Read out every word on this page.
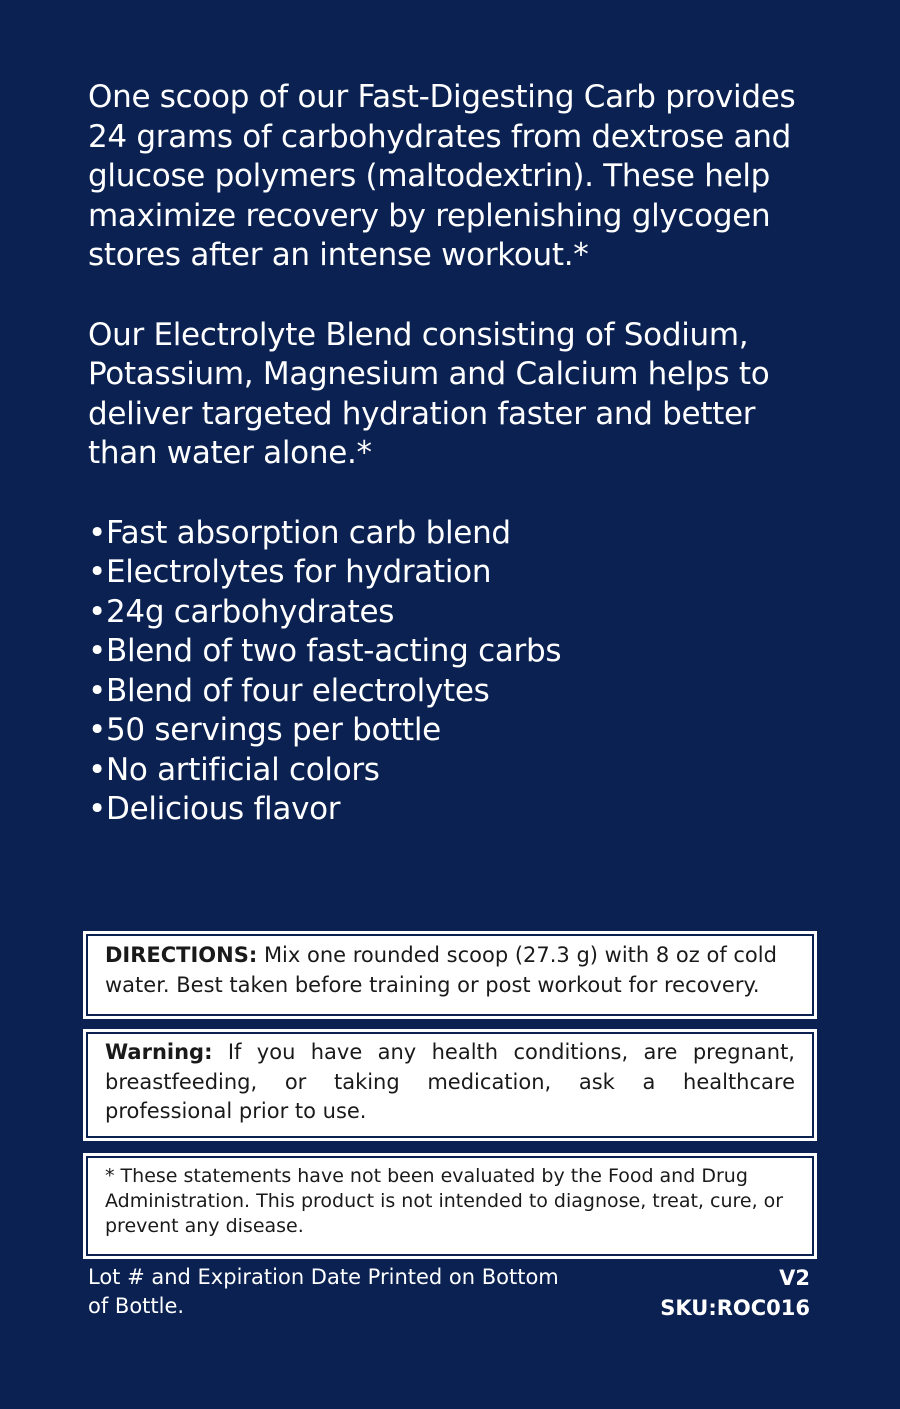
One scoop of our Fast-Digesting Carb provides 24 grams of carbohydrates from dextrose and glucose polymers (maltodextrin). These help maximize recovery by replenishing glycogen stores after an intense workout.*

Our Electrolyte Blend consisting of Sodium, Potassium, Magnesium and Calcium helps to deliver targeted hydration faster and better than water alone.*

•Fast absorption carb blend
•Electrolytes for hydration
•24g carbohydrates
•Blend of two fast-acting carbs
•Blend of four electrolytes
•50 servings per bottle
•No artificial colors
•Delicious flavor
DIRECTIONS: Mix one rounded scoop (27.3 g) with 8 oz of cold water. Best taken before training or post workout for recovery.
Warning: If you have any health conditions, are pregnant, breastfeeding, or taking medication, ask a healthcare professional prior to use.
* These statements have not been evaluated by the Food and Drug Administration. This product is not intended to diagnose, treat, cure, or prevent any disease.
Lot # and Expiration Date Printed on Bottom of Bottle.
V2
SKU:ROC016
